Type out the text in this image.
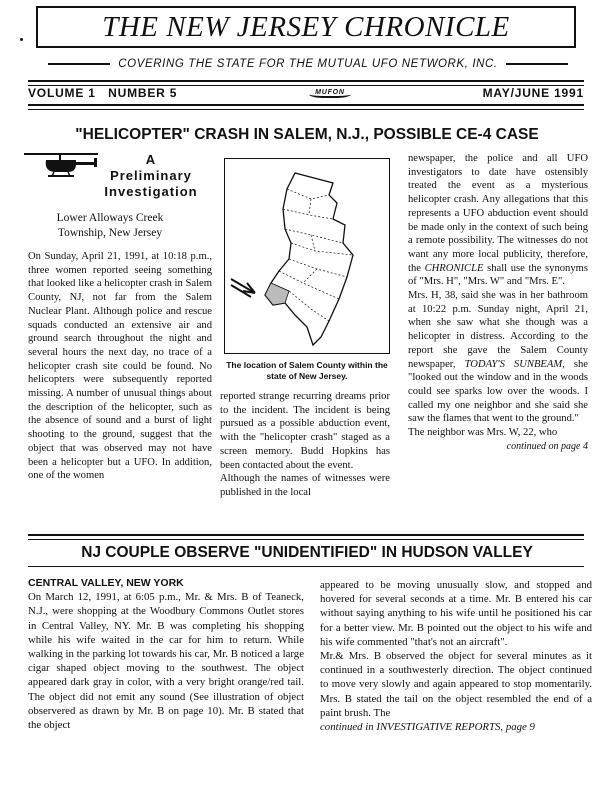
THE NEW JERSEY CHRONICLE
COVERING THE STATE FOR THE MUTUAL UFO NETWORK, INC.
VOLUME 1   NUMBER 5	MUFON	MAY/JUNE 1991
"HELICOPTER" CRASH IN SALEM, N.J., POSSIBLE CE-4 CASE
A
Preliminary
Investigation
Lower Alloways Creek
Township, New Jersey

On Sunday, April 21, 1991, at 10:18 p.m., three women reported seeing something that looked like a helicopter crash in Salem County, NJ, not far from the Salem Nuclear Plant. Although police and rescue squads conducted an extensive air and ground search throughout the night and several hours the next day, no trace of a helicopter crash site could be found. No helicopters were subsequently reported missing. A number of unusual things about the description of the helicopter, such as the absence of sound and a burst of light shooting to the ground, suggest that the object that was observed may not have been a helicopter but a UFO. In addition, one of the women

The location of Salem County within the state of New Jersey.

reported strange recurring dreams prior to the incident. The incident is being pursued as a possible abduction event, with the "helicopter crash" staged as a screen memory. Budd Hopkins has been contacted about the event.

Although the names of witnesses were published in the local

newspaper, the police and all UFO investigators to date have ostensibly treated the event as a mysterious helicopter crash. Any allegations that this represents a UFO abduction event should be made only in the context of such being a remote possibility. The witnesses do not want any more local publicity, therefore, the CHRONICLE shall use the synonyms of "Mrs. H", "Mrs. W" and "Mrs. E".

Mrs. H, 38, said she was in her bathroom at 10:22 p.m. Sunday night, April 21, when she saw what she though was a helicopter in distress. According to the report she gave the Salem County newspaper, TODAY'S SUNBEAM, she "looked out the window and in the woods could see sparks low over the woods. I called my one neighbor and she said she saw the flames that went to the ground."

The neighbor was Mrs. W, 22, who

continued on page 4
NJ COUPLE OBSERVE "UNIDENTIFIED" IN HUDSON VALLEY

CENTRAL VALLEY, NEW YORK

On March 12, 1991, at 6:05 p.m., Mr. & Mrs. B of Teaneck, N.J., were shopping at the Woodbury Commons Outlet stores in Central Valley, NY. Mr. B was completing his shopping while his wife waited in the car for him to return. While walking in the parking lot towards his car, Mr. B noticed a large cigar shaped object moving to the southwest. The object appeared dark gray in color, with a very bright orange/red tail. The object did not emit any sound (See illustration of object observered as drawn by Mr. B on page 10). Mr. B stated that the object

appeared to be moving unusually slow, and stopped and hovered for several seconds at a time. Mr. B entered his car without saying anything to his wife until he positioned his car for a better view. Mr. B pointed out the object to his wife and his wife commented "that's not an aircraft".

Mr.& Mrs. B observed the object for several minutes as it continued in a southwesterly direction. The object continued to move very slowly and again appeared to stop momentarily. Mrs. B stated the tail on the object resembled the end of a paint brush. The

continued in INVESTIGATIVE REPORTS, page 9
